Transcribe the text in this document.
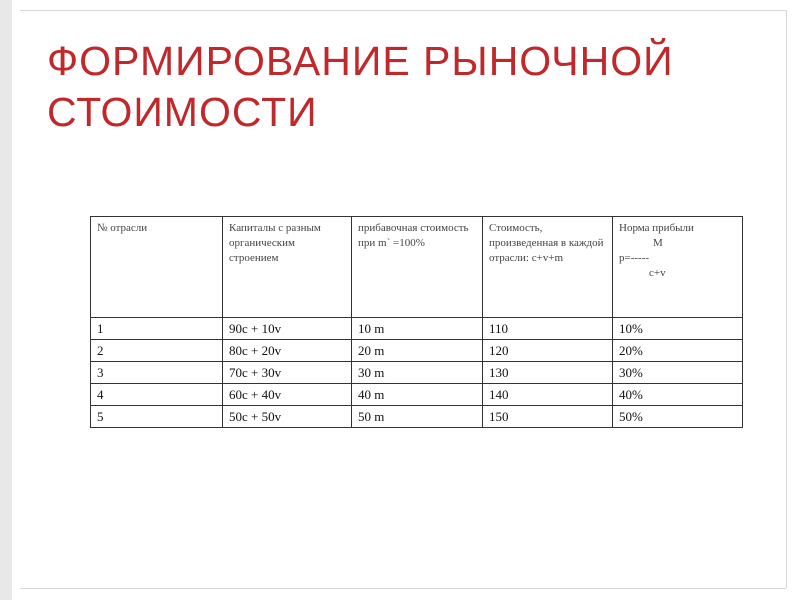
ФОРМИРОВАНИЕ РЫНОЧНОЙ
СТОИМОСТИ
№ отрасли	Капиталы с разным органическим строением	прибавочная стоимость при m` =100%	Стоимость, произведенная в каждой отрасли: c+v+m	Норма прибыли
М
p=-----
c+v

1	90c + 10v	10 m	110	10%
2	80c + 20v	20 m	120	20%
3	70c + 30v	30 m	130	30%
4	60c + 40v	40 m	140	40%
5	50c + 50v	50 m	150	50%
